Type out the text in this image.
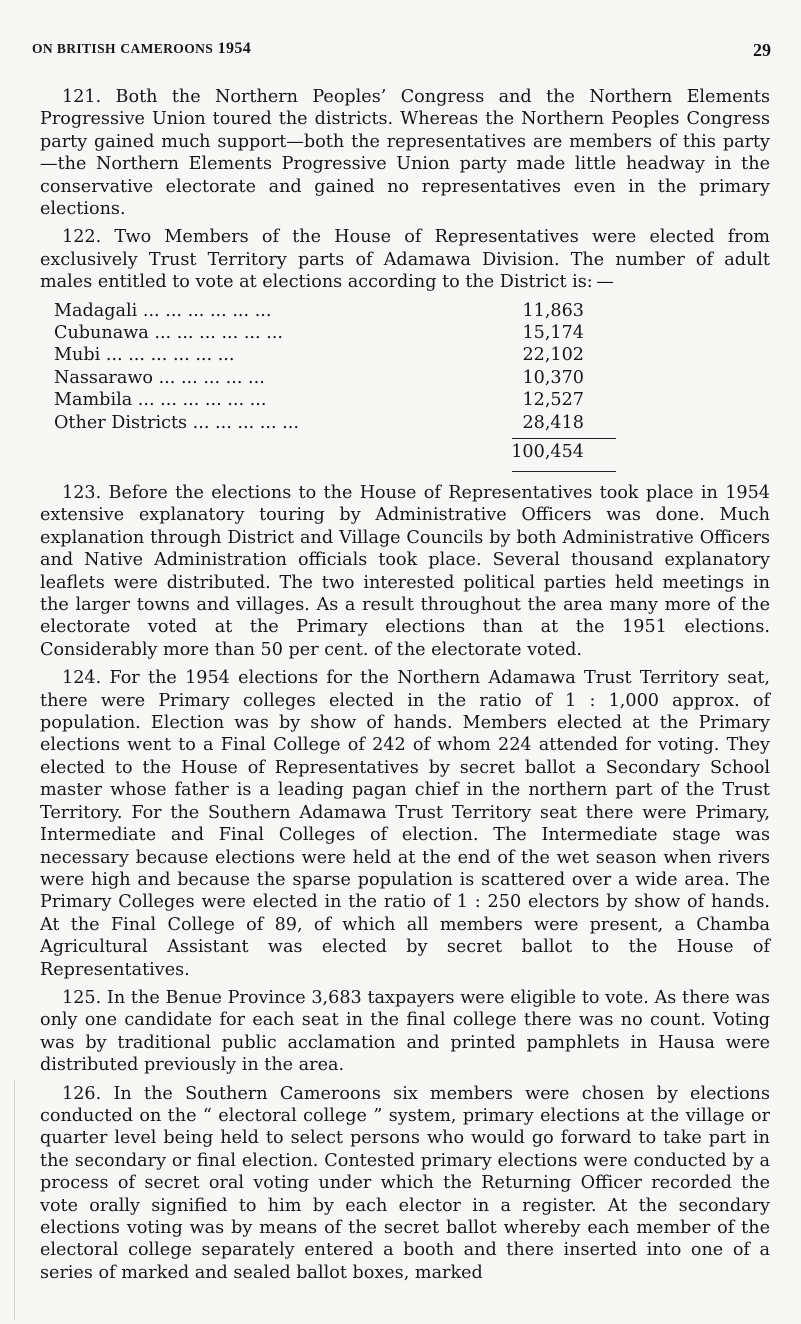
ON BRITISH CAMEROONS 1954	29

121. Both the Northern Peoples’ Congress and the Northern Elements Progressive Union toured the districts. Whereas the Northern Peoples Congress party gained much support—both the representatives are members of this party—the Northern Elements Progressive Union party made little headway in the conservative electorate and gained no representatives even in the primary elections.

122. Two Members of the House of Representatives were elected from exclusively Trust Territory parts of Adamawa Division. The number of adult males entitled to vote at elections according to the District is: —

Madagali ... ... ... ... ... ...	11,863
Cubunawa ... ... ... ... ... ...	15,174
Mubi ... ... ... ... ... ...	22,102
Nassarawo ... ... ... ... ...	10,370
Mambila ... ... ... ... ... ...	12,527
Other Districts ... ... ... ... ...	28,418
100,454

123. Before the elections to the House of Representatives took place in 1954 extensive explanatory touring by Administrative Officers was done. Much explanation through District and Village Councils by both Administrative Officers and Native Administration officials took place. Several thousand explanatory leaflets were distributed. The two interested political parties held meetings in the larger towns and villages. As a result throughout the area many more of the electorate voted at the Primary elections than at the 1951 elections. Considerably more than 50 per cent. of the electorate voted.

124. For the 1954 elections for the Northern Adamawa Trust Territory seat, there were Primary colleges elected in the ratio of 1 : 1,000 approx. of population. Election was by show of hands. Members elected at the Primary elections went to a Final College of 242 of whom 224 attended for voting. They elected to the House of Representatives by secret ballot a Secondary School master whose father is a leading pagan chief in the northern part of the Trust Territory. For the Southern Adamawa Trust Territory seat there were Primary, Intermediate and Final Colleges of election. The Intermediate stage was necessary because elections were held at the end of the wet season when rivers were high and because the sparse population is scattered over a wide area. The Primary Colleges were elected in the ratio of 1 : 250 electors by show of hands. At the Final College of 89, of which all members were present, a Chamba Agricultural Assistant was elected by secret ballot to the House of Representatives.

125. In the Benue Province 3,683 taxpayers were eligible to vote. As there was only one candidate for each seat in the final college there was no count. Voting was by traditional public acclamation and printed pamphlets in Hausa were distributed previously in the area.

126. In the Southern Cameroons six members were chosen by elections conducted on the “ electoral college ” system, primary elections at the village or quarter level being held to select persons who would go forward to take part in the secondary or final election. Contested primary elections were conducted by a process of secret oral voting under which the Returning Officer recorded the vote orally signified to him by each elector in a register. At the secondary elections voting was by means of the secret ballot whereby each member of the electoral college separately entered a booth and there inserted into one of a series of marked and sealed ballot boxes, marked
